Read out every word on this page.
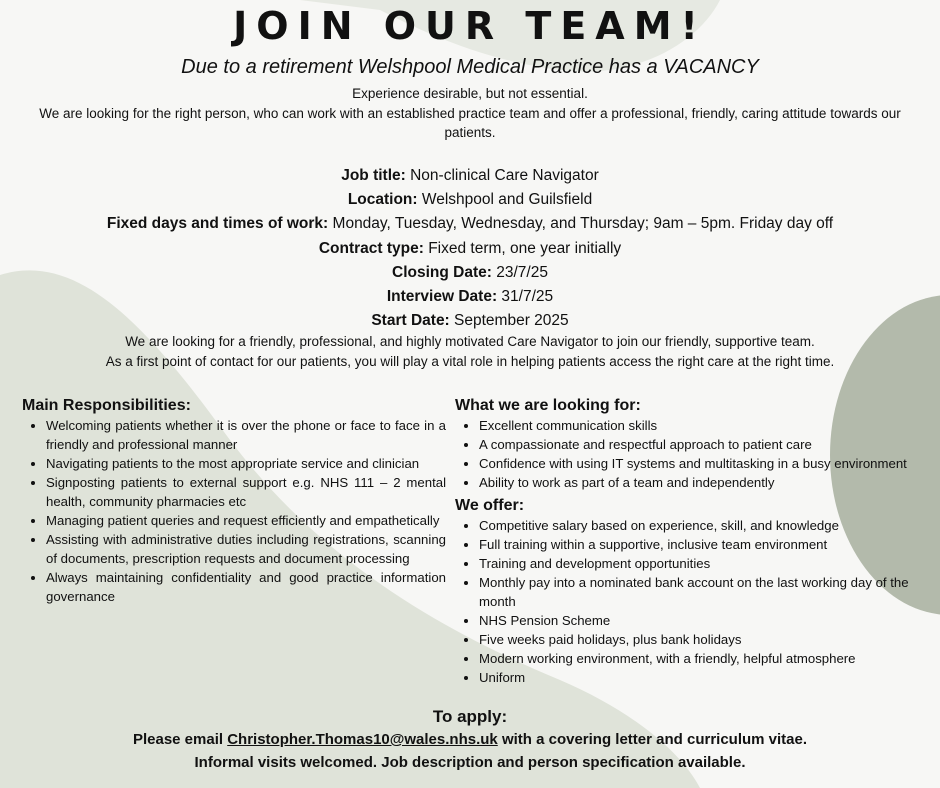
JOIN OUR TEAM!
Due to a retirement Welshpool Medical Practice has a VACANCY

Experience desirable, but not essential.

We are looking for the right person, who can work with an established practice team and offer a professional, friendly, caring attitude towards our patients.

Job title: Non-clinical Care Navigator

Location: Welshpool and Guilsfield

Fixed days and times of work: Monday, Tuesday, Wednesday, and Thursday; 9am – 5pm. Friday day off

Contract type: Fixed term, one year initially

Closing Date: 23/7/25

Interview Date: 31/7/25

Start Date: September 2025

We are looking for a friendly, professional, and highly motivated Care Navigator to join our friendly, supportive team.

As a first point of contact for our patients, you will play a vital role in helping patients access the right care at the right time.

Main Responsibilities:
• Welcoming patients whether it is over the phone or face to face in a friendly and professional manner
• Navigating patients to the most appropriate service and clinician
• Signposting patients to external support e.g. NHS 111 – 2 mental health, community pharmacies etc
• Managing patient queries and request efficiently and empathetically
• Assisting with administrative duties including registrations, scanning of documents, prescription requests and document processing
• Always maintaining confidentiality and good practice information governance
What we are looking for:
• Excellent communication skills
• A compassionate and respectful approach to patient care
• Confidence with using IT systems and multitasking in a busy environment
• Ability to work as part of a team and independently
We offer:
• Competitive salary based on experience, skill, and knowledge
• Full training within a supportive, inclusive team environment
• Training and development opportunities
• Monthly pay into a nominated bank account on the last working day of the month
• NHS Pension Scheme
• Five weeks paid holidays, plus bank holidays
• Modern working environment, with a friendly, helpful atmosphere
• Uniform
To apply:
Please email Christopher.Thomas10@wales.nhs.uk with a covering letter and curriculum vitae.
Informal visits welcomed. Job description and person specification available.
